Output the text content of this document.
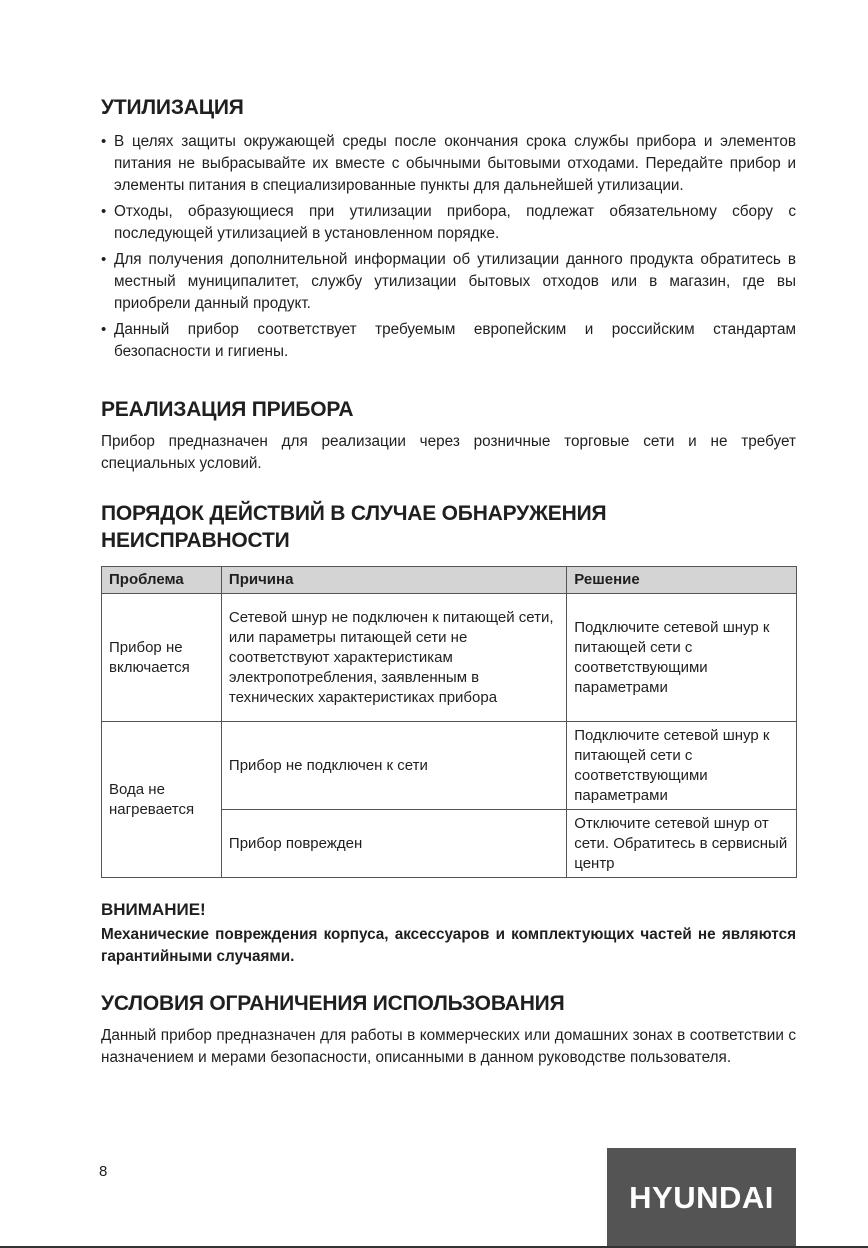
УТИЛИЗАЦИЯ
• В целях защиты окружающей среды после окончания срока службы прибора и элементов питания не выбрасывайте их вместе с обычными бытовыми отходами. Передайте прибор и элементы питания в специализированные пункты для дальнейшей утилизации.
• Отходы, образующиеся при утилизации прибора, подлежат обязательному сбору с последующей утилизацией в установленном порядке.
• Для получения дополнительной информации об утилизации данного продукта обратитесь в местный муниципалитет, службу утилизации бытовых отходов или в магазин, где вы приобрели данный продукт.
• Данный прибор соответствует требуемым европейским и российским стандартам безопасности и гигиены.
РЕАЛИЗАЦИЯ ПРИБОРА

Прибор предназначен для реализации через розничные торговые сети и не требует специальных условий.

ПОРЯДОК ДЕЙСТВИЙ В СЛУЧАЕ ОБНАРУЖЕНИЯ
НЕИСПРАВНОСТИ
Проблема	Причина	Решение
Прибор не включается	Сетевой шнур не подключен к питающей сети, или параметры питающей сети не соответствуют характеристикам электропотребления, заявленным в технических характеристиках прибора	Подключите сетевой шнур к питающей сети с соответствующими параметрами
Вода не нагревается	Прибор не подключен к сети	Подключите сетевой шнур к питающей сети с соответствующими параметрами
	Прибор поврежден	Отключите сетевой шнур от сети. Обратитесь в сервисный центр

ВНИМАНИЕ!

Механические повреждения корпуса, аксессуаров и комплектующих частей не являются гарантийными случаями.

УСЛОВИЯ ОГРАНИЧЕНИЯ ИСПОЛЬЗОВАНИЯ

Данный прибор предназначен для работы в коммерческих или домашних зонах в соответствии с назначением и мерами безопасности, описанными в данном руководстве пользователя.

8
HYUNDAI
